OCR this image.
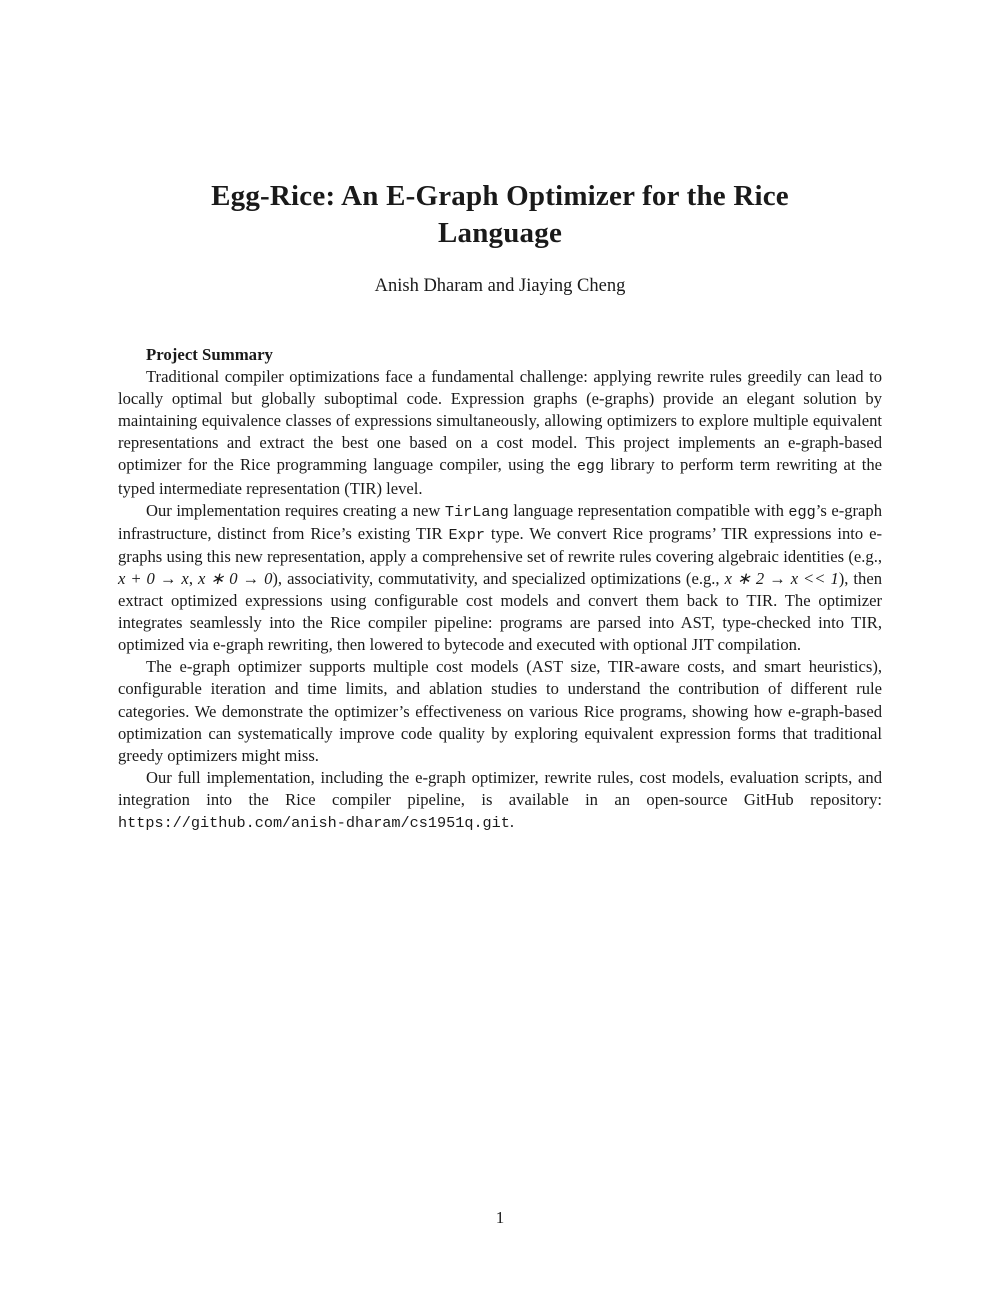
Egg-Rice: An E-Graph Optimizer for the Rice Language
Anish Dharam and Jiaying Cheng
Project Summary

Traditional compiler optimizations face a fundamental challenge: applying rewrite rules greedily can lead to locally optimal but globally suboptimal code. Expression graphs (e-graphs) provide an elegant solution by maintaining equivalence classes of expressions simultaneously, allowing optimizers to explore multiple equivalent representations and extract the best one based on a cost model. This project implements an e-graph-based optimizer for the Rice programming language compiler, using the egg library to perform term rewriting at the typed intermediate representation (TIR) level.

Our implementation requires creating a new TirLang language representation compatible with egg’s e-graph infrastructure, distinct from Rice’s existing TIR Expr type. We convert Rice programs’ TIR expressions into e-graphs using this new representation, apply a comprehensive set of rewrite rules covering algebraic identities (e.g., x + 0 → x, x ∗ 0 → 0), associativity, commutativity, and specialized optimizations (e.g., x ∗ 2 → x << 1), then extract optimized expressions using configurable cost models and convert them back to TIR. The optimizer integrates seamlessly into the Rice compiler pipeline: programs are parsed into AST, type-checked into TIR, optimized via e-graph rewriting, then lowered to bytecode and executed with optional JIT compilation.

The e-graph optimizer supports multiple cost models (AST size, TIR-aware costs, and smart heuristics), configurable iteration and time limits, and ablation studies to understand the contribution of different rule categories. We demonstrate the optimizer’s effectiveness on various Rice programs, showing how e-graph-based optimization can systematically improve code quality by exploring equivalent expression forms that traditional greedy optimizers might miss.

Our full implementation, including the e-graph optimizer, rewrite rules, cost models, evaluation scripts, and integration into the Rice compiler pipeline, is available in an open-source GitHub repository: https://github.com/anish-dharam/cs1951q.git.

1
